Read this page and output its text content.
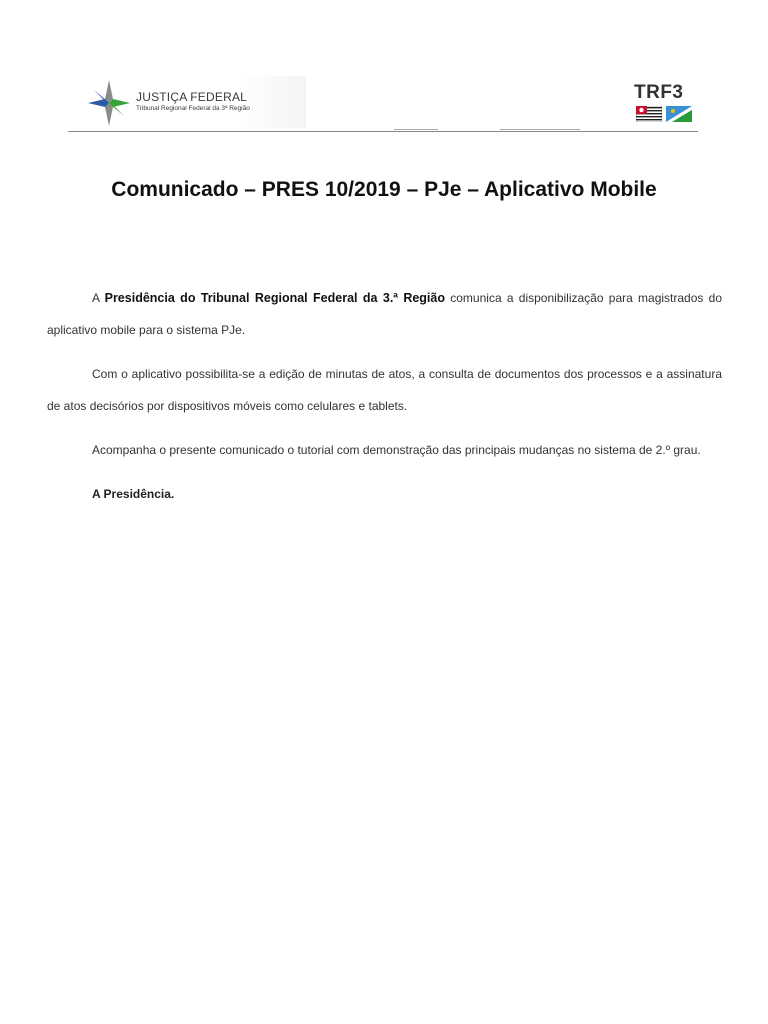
JUSTIÇA FEDERAL
Tribunal Regional Federal da 3ª Região
TRF3
Comunicado – PRES 10/2019 – PJe – Aplicativo Mobile

A Presidência do Tribunal Regional Federal da 3.ª Região comunica a disponibilização para magistrados do aplicativo mobile para o sistema PJe.

Com o aplicativo possibilita-se a edição de minutas de atos, a consulta de documentos dos processos e a assinatura de atos decisórios por dispositivos móveis como celulares e tablets.

Acompanha o presente comunicado o tutorial com demonstração das principais mudanças no sistema de 2.º grau.

A Presidência.
